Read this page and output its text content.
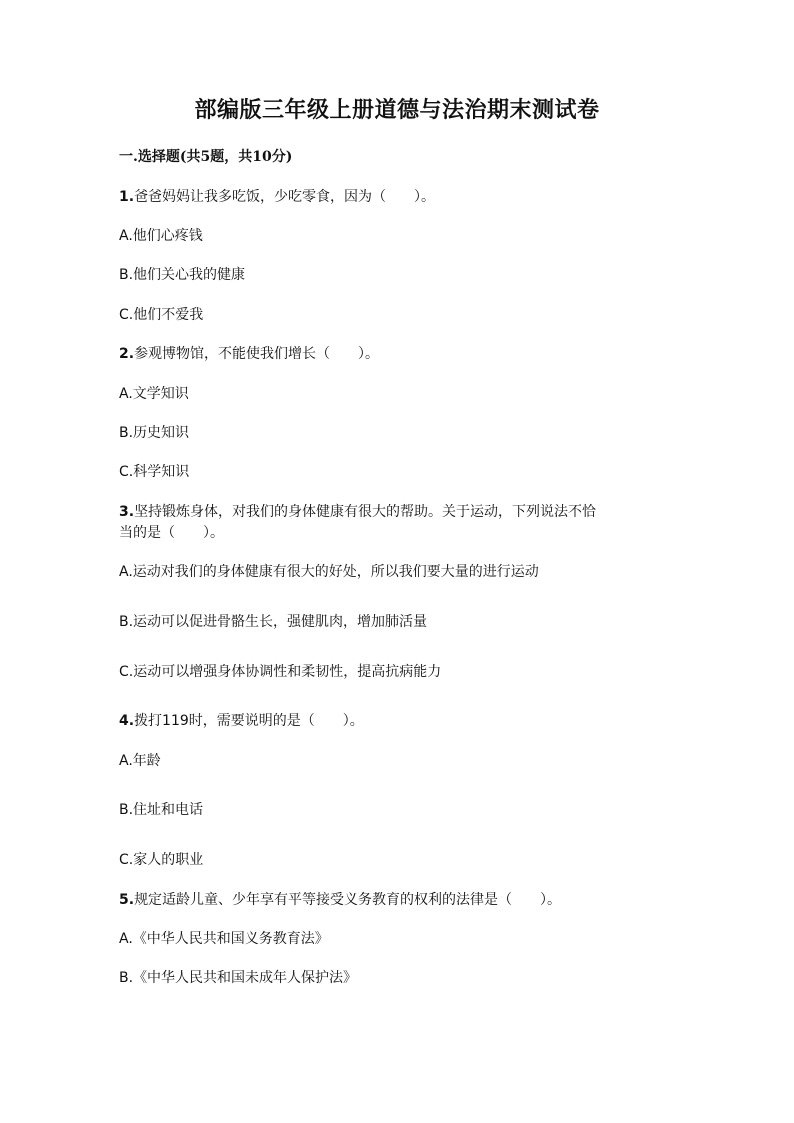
部编版三年级上册道德与法治期末测试卷

一.选择题(共5题，共10分)

1.爸爸妈妈让我多吃饭，少吃零食，因为（　　）。

A.他们心疼钱

B.他们关心我的健康

C.他们不爱我

2.参观博物馆，不能使我们增长（　　）。

A.文学知识

B.历史知识

C.科学知识

3.坚持锻炼身体，对我们的身体健康有很大的帮助。关于运动，下列说法不恰

当的是（　　）。

A.运动对我们的身体健康有很大的好处，所以我们要大量的进行运动

B.运动可以促进骨骼生长，强健肌肉，增加肺活量

C.运动可以增强身体协调性和柔韧性，提高抗病能力

4.拨打119时，需要说明的是（　　）。

A.年龄

B.住址和电话

C.家人的职业

5.规定适龄儿童、少年享有平等接受义务教育的权利的法律是（　　）。

A.《中华人民共和国义务教育法》

B.《中华人民共和国未成年人保护法》
